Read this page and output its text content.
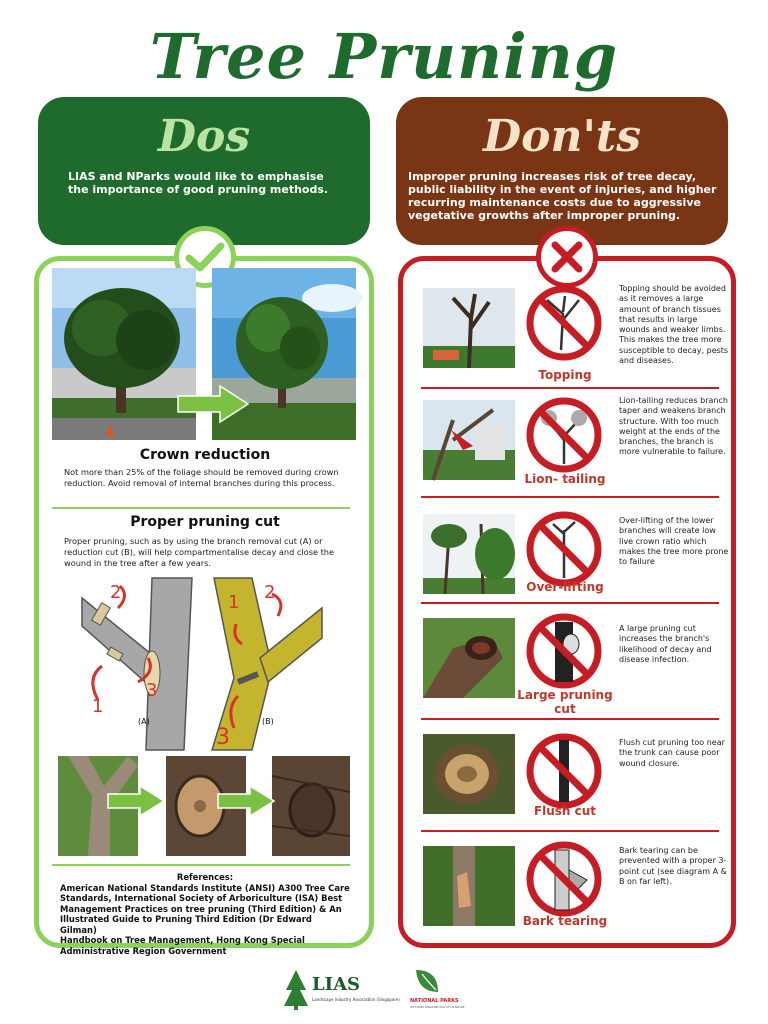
Tree Pruning
Dos

LIAS and NParks would like to emphasise the importance of good pruning methods.

Don'ts

Improper pruning increases risk of tree decay, public liability in the event of injuries, and higher recurring maintenance costs due to aggressive vegetative growths after improper pruning.

Crown reduction
Not more than 25% of the foliage should be removed during crown reduction. Avoid removal of internal branches during this process.
Proper pruning cut
Proper pruning, such as by using the branch removal cut (A) or reduction cut (B), will help compartmentalise decay and close the wound in the tree after a few years.
1
2
3
(A)
1 2
3
(B)
References:
American National Standards Institute (ANSI) A300 Tree Care Standards, International Society of Arboriculture (ISA) Best Management Practices on tree pruning (Third Edition) & An Illustrated Guide to Pruning Third Edition (Dr Edward Gilman)
Handbook on Tree Management, Hong Kong Special Administrative Region Government
Topping
Topping should be avoided as it removes a large amount of branch tissues that results in large wounds and weaker limbs. This makes the tree more susceptible to decay, pests and diseases.
Lion- tailing
Lion-tailing reduces branch taper and weakens branch structure. With too much weight at the ends of the branches, the branch is more vulnerable to failure.
Over-lifting
Over-lifting of the lower branches will create low live crown ratio which makes the tree more prone to failure
Large pruning cut
A large pruning cut increases the branch's likelihood of decay and disease infection.
Flush cut
Flush cut pruning too near the trunk can cause poor wound closure.
Bark tearing
Bark tearing can be prevented with a proper 3-point cut (see diagram A & B on far left).
LIAS
Landscape Industry Association (Singapore) NATIONAL PARKS
LET'S MAKE SINGAPORE OUR CITY IN NATURE
